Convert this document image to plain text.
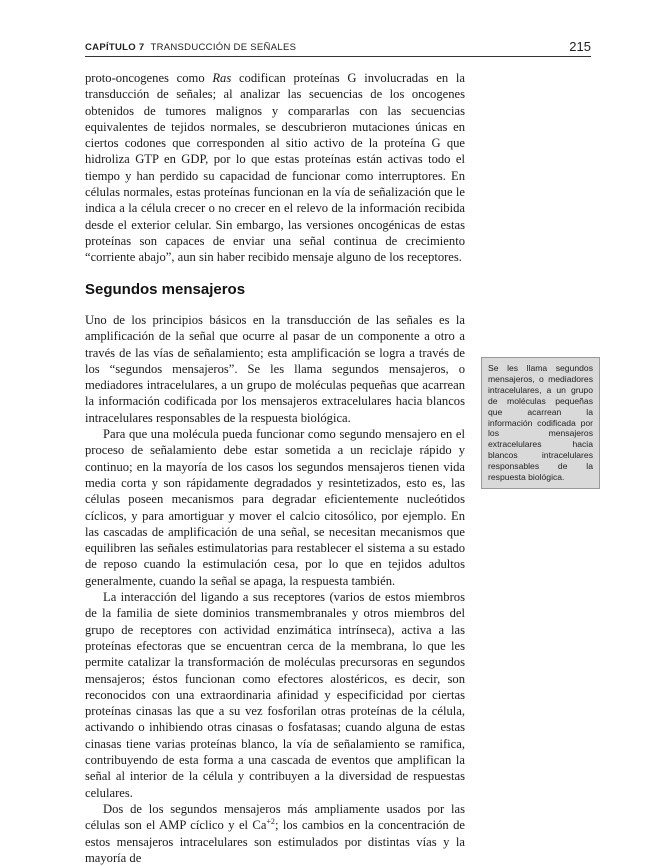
CAPÍTULO 7 TRANSDUCCIÓN DE SEÑALES	215

proto-oncogenes como Ras codifican proteínas G involucradas en la transducción de señales; al analizar las secuencias de los oncogenes obtenidos de tumores malignos y compararlas con las secuencias equivalentes de tejidos normales, se descubrieron mutaciones únicas en ciertos codones que corresponden al sitio activo de la proteína G que hidroliza GTP en GDP, por lo que estas proteínas están activas todo el tiempo y han perdido su capacidad de funcionar como interruptores. En células normales, estas proteínas funcionan en la vía de señalización que le indica a la célula crecer o no crecer en el relevo de la información recibida desde el exterior celular. Sin embargo, las versiones oncogénicas de estas proteínas son capaces de enviar una señal continua de crecimiento “corriente abajo”, aun sin haber recibido mensaje alguno de los receptores.

Segundos mensajeros

Uno de los principios básicos en la transducción de las señales es la amplificación de la señal que ocurre al pasar de un componente a otro a través de las vías de señalamiento; esta amplificación se logra a través de los “segundos mensajeros”. Se les llama segundos mensajeros, o mediadores intracelulares, a un grupo de moléculas pequeñas que acarrean la información codificada por los mensajeros extracelulares hacia blancos intracelulares responsables de la respuesta biológica.

Para que una molécula pueda funcionar como segundo mensajero en el proceso de señalamiento debe estar sometida a un reciclaje rápido y continuo; en la mayoría de los casos los segundos mensajeros tienen vida media corta y son rápidamente degradados y resintetizados, esto es, las células poseen mecanismos para degradar eficientemente nucleótidos cíclicos, y para amortiguar y mover el calcio citosólico, por ejemplo. En las cascadas de amplificación de una señal, se necesitan mecanismos que equilibren las señales estimulatorias para restablecer el sistema a su estado de reposo cuando la estimulación cesa, por lo que en tejidos adultos generalmente, cuando la señal se apaga, la respuesta también.

La interacción del ligando a sus receptores (varios de estos miembros de la familia de siete dominios transmembranales y otros miembros del grupo de receptores con actividad enzimática intrínseca), activa a las proteínas efectoras que se encuentran cerca de la membrana, lo que les permite catalizar la transformación de moléculas precursoras en segundos mensajeros; éstos funcionan como efectores alostéricos, es decir, son reconocidos con una extraordinaria afinidad y especificidad por ciertas proteínas cinasas las que a su vez fosforilan otras proteínas de la célula, activando o inhibiendo otras cinasas o fosfatasas; cuando alguna de estas cinasas tiene varias proteínas blanco, la vía de señalamiento se ramifica, contribuyendo de esta forma a una cascada de eventos que amplifican la señal al interior de la célula y contribuyen a la diversidad de respuestas celulares.

Dos de los segundos mensajeros más ampliamente usados por las células son el AMP cíclico y el $Ca^{+2}$; los cambios en la concentración de estos mensajeros intracelulares son estimulados por distintas vías y la mayoría de

Se les llama segundos mensajeros, o mediadores intracelulares, a un grupo de moléculas pequeñas que acarrean la información codificada por los mensajeros extracelulares hacia blancos intracelulares responsables de la respuesta biológica.
